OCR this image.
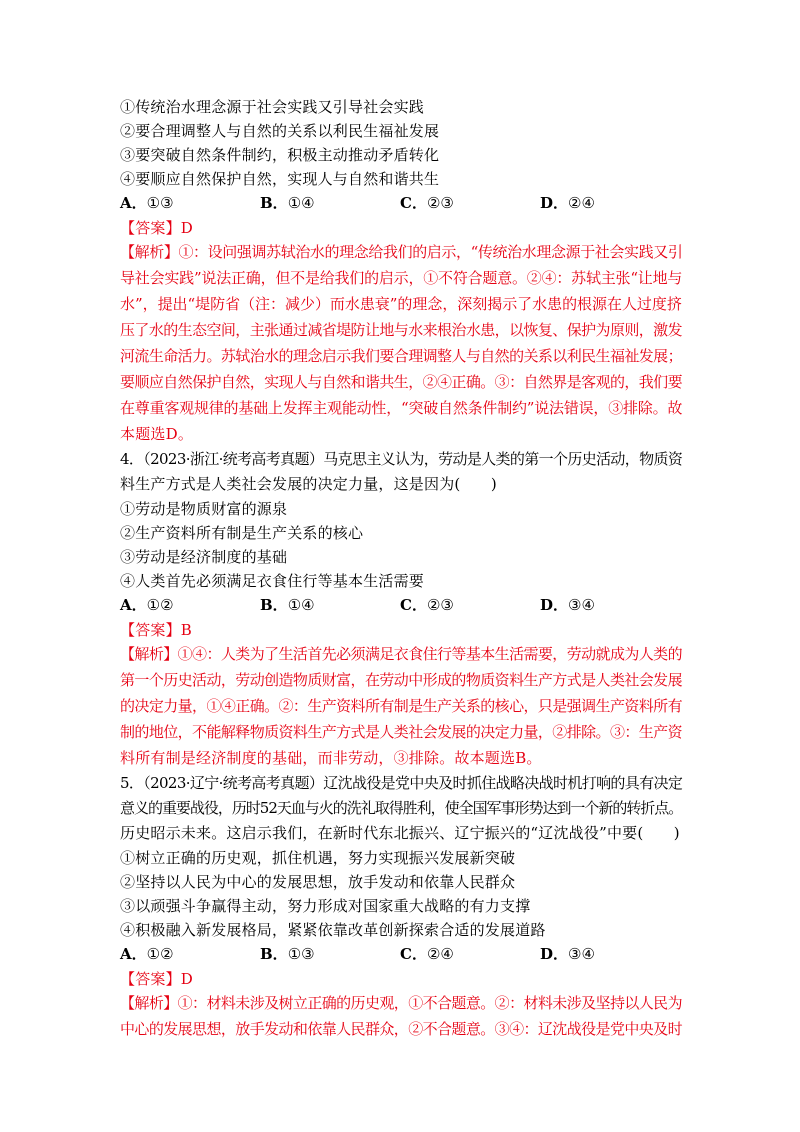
①传统治水理念源于社会实践又引导社会实践
②要合理调整人与自然的关系以利民生福祉发展
③要突破自然条件制约，积极主动推动矛盾转化
④要顺应自然保护自然，实现人与自然和谐共生
A．①③	B．①④	C．②③	D．②④
【答案】D
【解析】①：设问强调苏轼治水的理念给我们的启示，“传统治水理念源于社会实践又引
导社会实践”说法正确，但不是给我们的启示，①不符合题意。②④：苏轼主张“让地与
水”，提出“堤防省（注：减少）而水患衰”的理念，深刻揭示了水患的根源在人过度挤
压了水的生态空间，主张通过减省堤防让地与水来根治水患，以恢复、保护为原则，激发
河流生命活力。苏轼治水的理念启示我们要合理调整人与自然的关系以利民生福祉发展；
要顺应自然保护自然，实现人与自然和谐共生，②④正确。③：自然界是客观的，我们要
在尊重客观规律的基础上发挥主观能动性，“突破自然条件制约”说法错误，③排除。故
本题选D。
4．（2023·浙江·统考高考真题）马克思主义认为，劳动是人类的第一个历史活动，物质资
料生产方式是人类社会发展的决定力量，这是因为(　　)
①劳动是物质财富的源泉
②生产资料所有制是生产关系的核心
③劳动是经济制度的基础
④人类首先必须满足衣食住行等基本生活需要
A．①②	B．①④	C．②③	D．③④
【答案】B
【解析】①④：人类为了生活首先必须满足衣食住行等基本生活需要，劳动就成为人类的
第一个历史活动，劳动创造物质财富，在劳动中形成的物质资料生产方式是人类社会发展
的决定力量，①④正确。②：生产资料所有制是生产关系的核心，只是强调生产资料所有
制的地位，不能解释物质资料生产方式是人类社会发展的决定力量，②排除。③：生产资
料所有制是经济制度的基础，而非劳动，③排除。故本题选B。
5．（2023·辽宁·统考高考真题）辽沈战役是党中央及时抓住战略决战时机打响的具有决定
意义的重要战役，历时52天血与火的洗礼取得胜利，使全国军事形势达到一个新的转折点。
历史昭示未来。这启示我们，在新时代东北振兴、辽宁振兴的“辽沈战役”中要(　　)
①树立正确的历史观，抓住机遇，努力实现振兴发展新突破
②坚持以人民为中心的发展思想，放手发动和依靠人民群众
③以顽强斗争赢得主动，努力形成对国家重大战略的有力支撑
④积极融入新发展格局，紧紧依靠改革创新探索合适的发展道路
A．①②	B．①③	C．②④	D．③④
【答案】D
【解析】①：材料未涉及树立正确的历史观，①不合题意。②：材料未涉及坚持以人民为
中心的发展思想，放手发动和依靠人民群众，②不合题意。③④：辽沈战役是党中央及时
